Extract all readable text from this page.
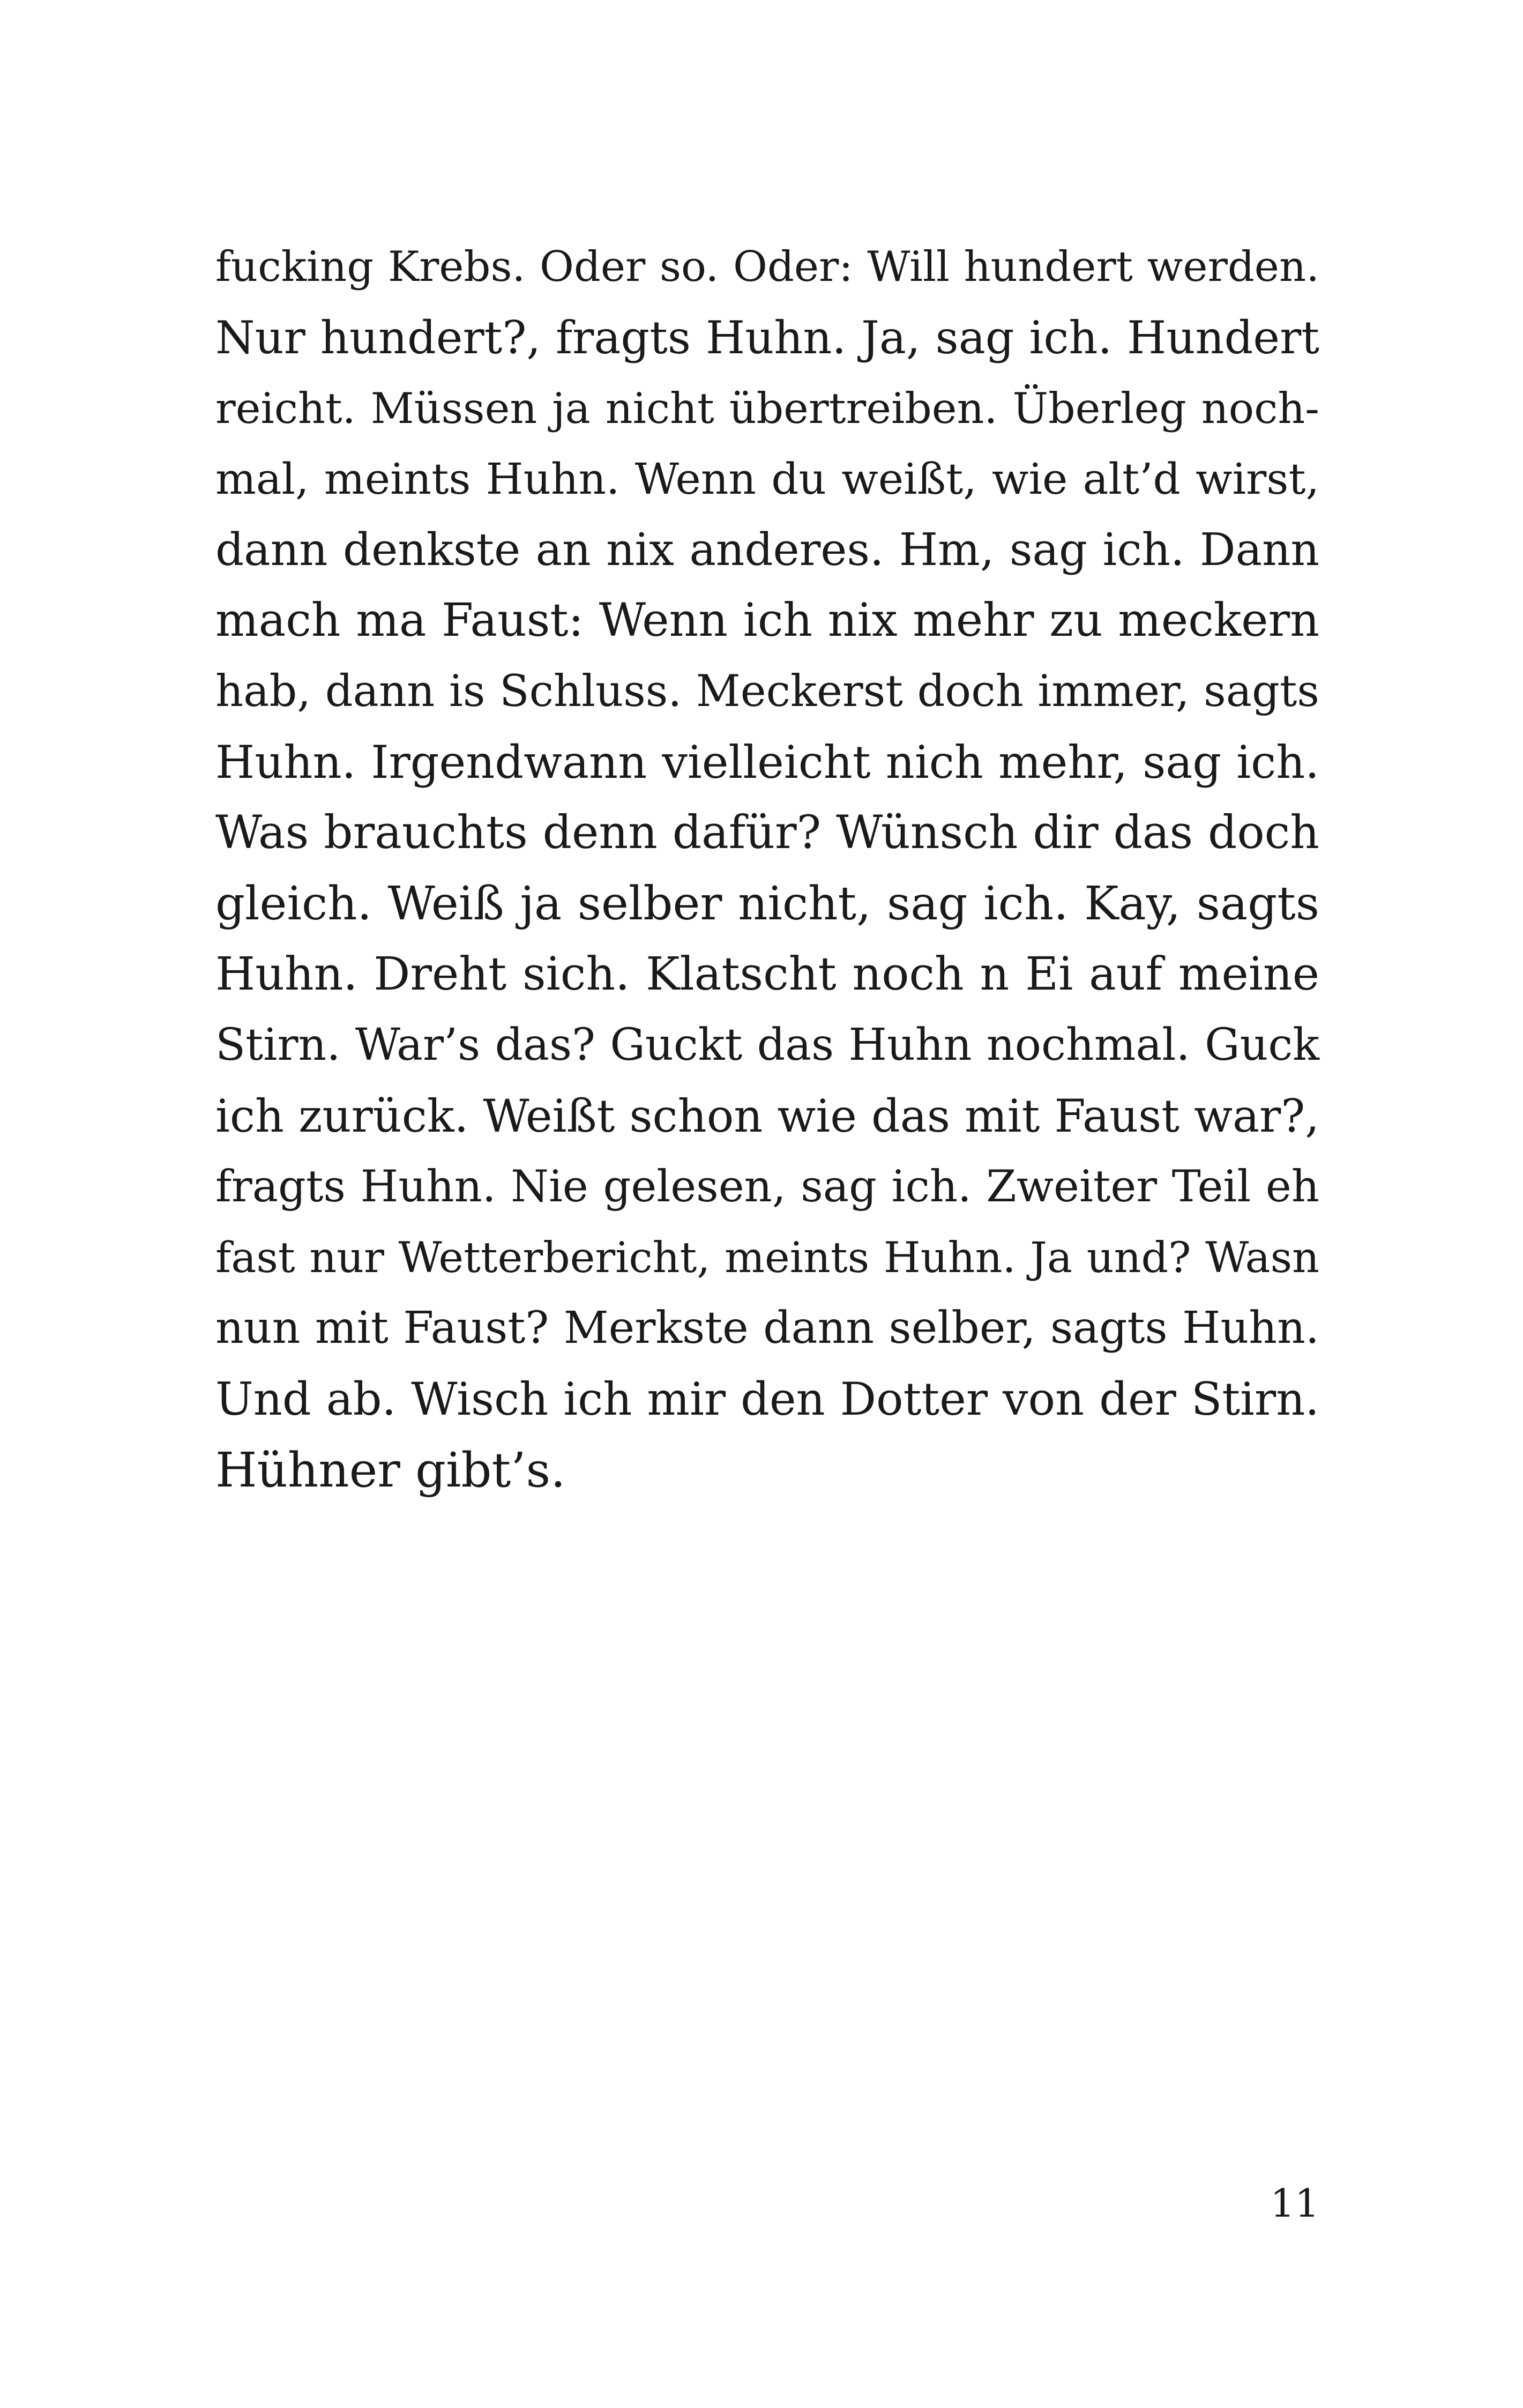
fucking Krebs. Oder so. Oder: Will hundert werden.
Nur hundert?, fragts Huhn. Ja, sag ich. Hundert
reicht. Müssen ja nicht übertreiben. Überleg noch-
mal, meints Huhn. Wenn du weißt, wie alt’d wirst,
dann denkste an nix anderes. Hm, sag ich. Dann
mach ma Faust: Wenn ich nix mehr zu meckern
hab, dann is Schluss. Meckerst doch immer, sagts
Huhn. Irgendwann vielleicht nich mehr, sag ich.
Was brauchts denn dafür? Wünsch dir das doch
gleich. Weiß ja selber nicht, sag ich. Kay, sagts
Huhn. Dreht sich. Klatscht noch n Ei auf meine
Stirn. War’s das? Guckt das Huhn nochmal. Guck
ich zurück. Weißt schon wie das mit Faust war?,
fragts Huhn. Nie gelesen, sag ich. Zweiter Teil eh
fast nur Wetterbericht, meints Huhn. Ja und? Wasn
nun mit Faust? Merkste dann selber, sagts Huhn.
Und ab. Wisch ich mir den Dotter von der Stirn.
Hühner gibt’s.
11
